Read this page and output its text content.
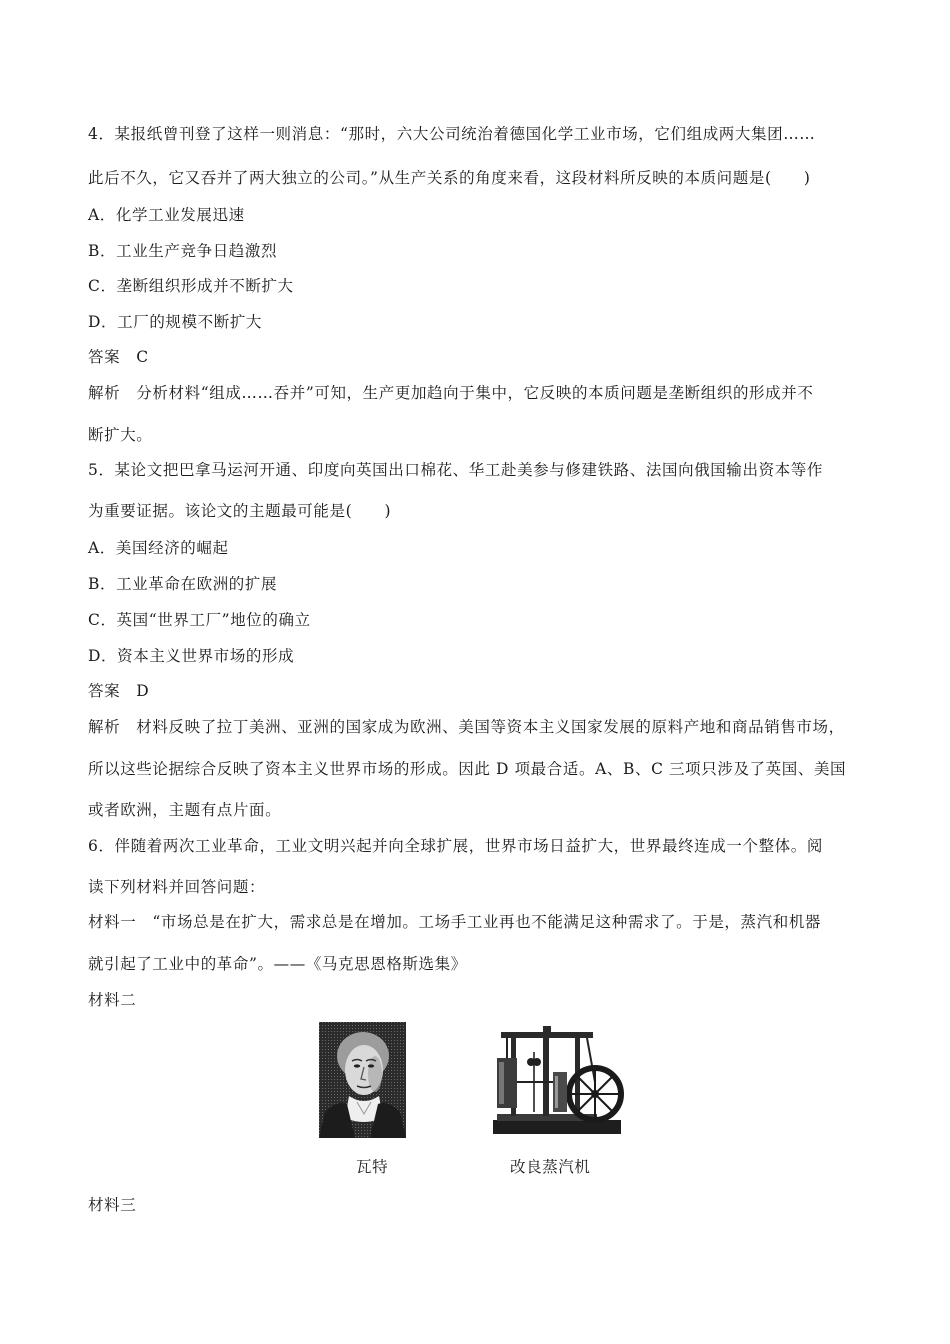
4．某报纸曾刊登了这样一则消息：“那时，六大公司统治着德国化学工业市场，它们组成两大集团……
此后不久，它又吞并了两大独立的公司。”从生产关系的角度来看，这段材料所反映的本质问题是(　　)
A．化学工业发展迅速
B．工业生产竞争日趋激烈
C．垄断组织形成并不断扩大
D．工厂的规模不断扩大
答案　C
解析　分析材料“组成……吞并”可知，生产更加趋向于集中，它反映的本质问题是垄断组织的形成并不
断扩大。
5．某论文把巴拿马运河开通、印度向英国出口棉花、华工赴美参与修建铁路、法国向俄国输出资本等作
为重要证据。该论文的主题最可能是(　　)
A．美国经济的崛起
B．工业革命在欧洲的扩展
C．英国“世界工厂”地位的确立
D．资本主义世界市场的形成
答案　D
解析　材料反映了拉丁美洲、亚洲的国家成为欧洲、美国等资本主义国家发展的原料产地和商品销售市场，
所以这些论据综合反映了资本主义世界市场的形成。因此 D 项最合适。A、B、C 三项只涉及了英国、美国
或者欧洲，主题有点片面。
6．伴随着两次工业革命，工业文明兴起并向全球扩展，世界市场日益扩大，世界最终连成一个整体。阅
读下列材料并回答问题：
材料一　“市场总是在扩大，需求总是在增加。工场手工业再也不能满足这种需求了。于是，蒸汽和机器
就引起了工业中的革命”。——《马克思恩格斯选集》
材料二
瓦特	改良蒸汽机
材料三
